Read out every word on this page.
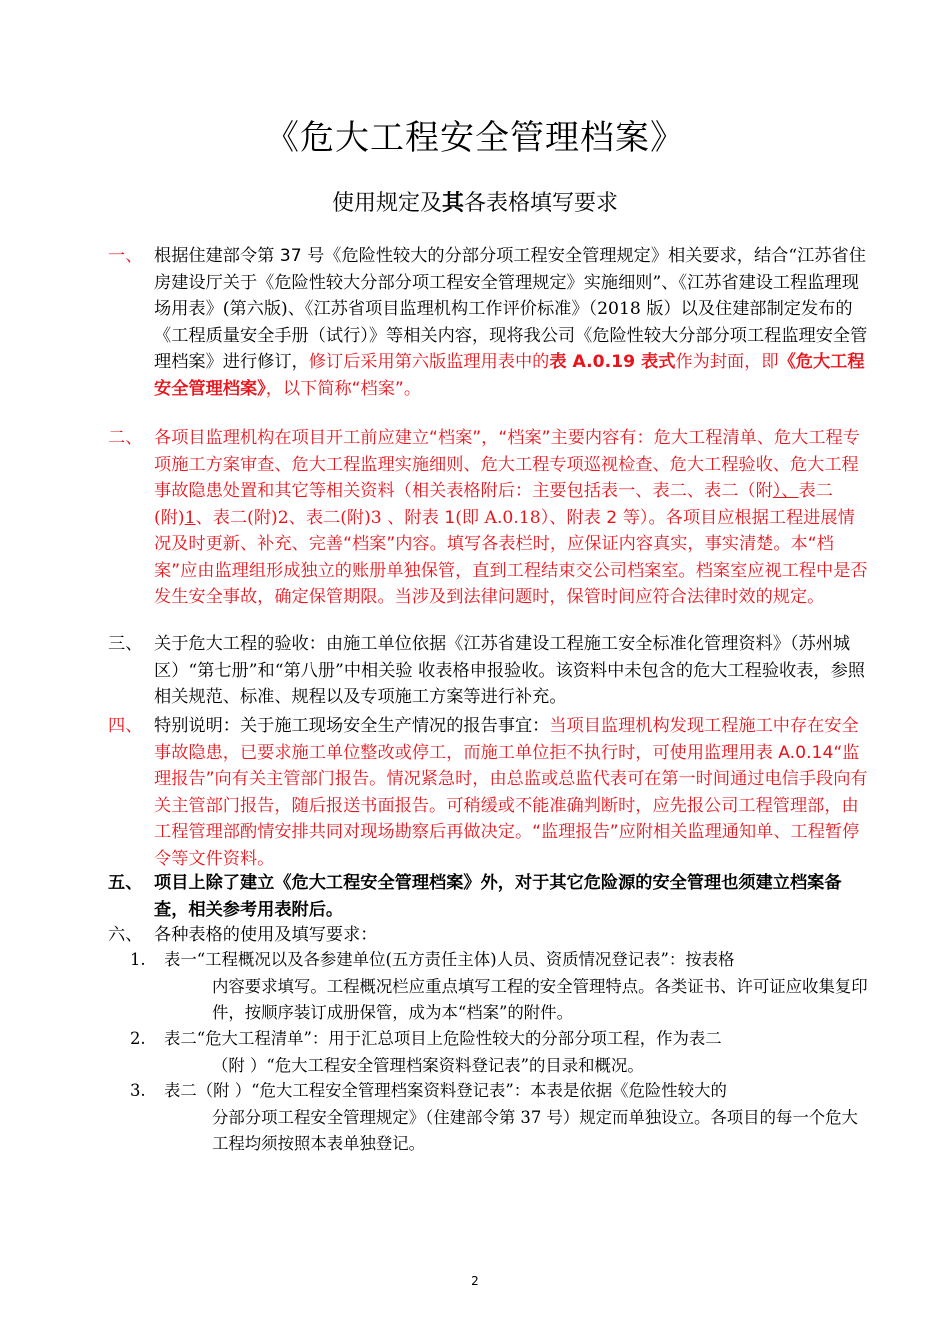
《危大工程安全管理档案》
使用规定及其各表格填写要求
一、 根据住建部令第 37 号《危险性较大的分部分项工程安全管理规定》相关要求，结合“江苏省住房建设厅关于《危险性较大分部分项工程安全管理规定》实施细则”、《江苏省建设工程监理现场用表》(第六版)、《江苏省项目监理机构工作评价标准》（2018 版）以及住建部制定发布的《工程质量安全手册（试行）》等相关内容，现将我公司《危险性较大分部分项工程监理安全管理档案》进行修订，修订后采用第六版监理用表中的表 A.0.19 表式作为封面，即《危大工程安全管理档案》，以下简称“档案”。
二、 各项目监理机构在项目开工前应建立“档案”，“档案”主要内容有：危大工程清单、危大工程专项施工方案审查、危大工程监理实施细则、危大工程专项巡视检查、危大工程验收、危大工程事故隐患处置和其它等相关资料（相关表格附后：主要包括表一、表二、表二（附）、表二(附)1、表二(附)2、表二(附)3 、附表 1(即 A.0.18）、附表 2 等）。各项目应根据工程进展情况及时更新、补充、完善“档案”内容。填写各表栏时，应保证内容真实，事实清楚。本“档案”应由监理组形成独立的账册单独保管，直到工程结束交公司档案室。档案室应视工程中是否发生安全事故，确定保管期限。当涉及到法律问题时，保管时间应符合法律时效的规定。
三、 关于危大工程的验收：由施工单位依据《江苏省建设工程施工安全标准化管理资料》（苏州城区）“第七册”和“第八册”中相关验 收表格申报验收。该资料中未包含的危大工程验收表，参照相关规范、标准、规程以及专项施工方案等进行补充。
四、 特别说明：关于施工现场安全生产情况的报告事宜：当项目监理机构发现工程施工中存在安全事故隐患，已要求施工单位整改或停工，而施工单位拒不执行时，可使用监理用表 A.0.14“监理报告”向有关主管部门报告。情况紧急时，由总监或总监代表可在第一时间通过电信手段向有关主管部门报告，随后报送书面报告。可稍缓或不能准确判断时，应先报公司工程管理部，由工程管理部酌情安排共同对现场勘察后再做决定。“监理报告”应附相关监理通知单、工程暂停令等文件资料。
五、 项目上除了建立《危大工程安全管理档案》外，对于其它危险源的安全管理也须建立档案备查，相关参考用表附后。
六、 各种表格的使用及填写要求：
1. 表一“工程概况以及各参建单位(五方责任主体)人员、资质情况登记表”：按表格
内容要求填写。工程概况栏应重点填写工程的安全管理特点。各类证书、许可证应收集复印件，按顺序装订成册保管，成为本“档案”的附件。
2. 表二“危大工程清单”：用于汇总项目上危险性较大的分部分项工程，作为表二
（附 ）“危大工程安全管理档案资料登记表”的目录和概况。
3. 表二（附 ）“危大工程安全管理档案资料登记表”：本表是依据《危险性较大的
分部分项工程安全管理规定》（住建部令第 37 号）规定而单独设立。各项目的每一个危大工程均须按照本表单独登记。
2
